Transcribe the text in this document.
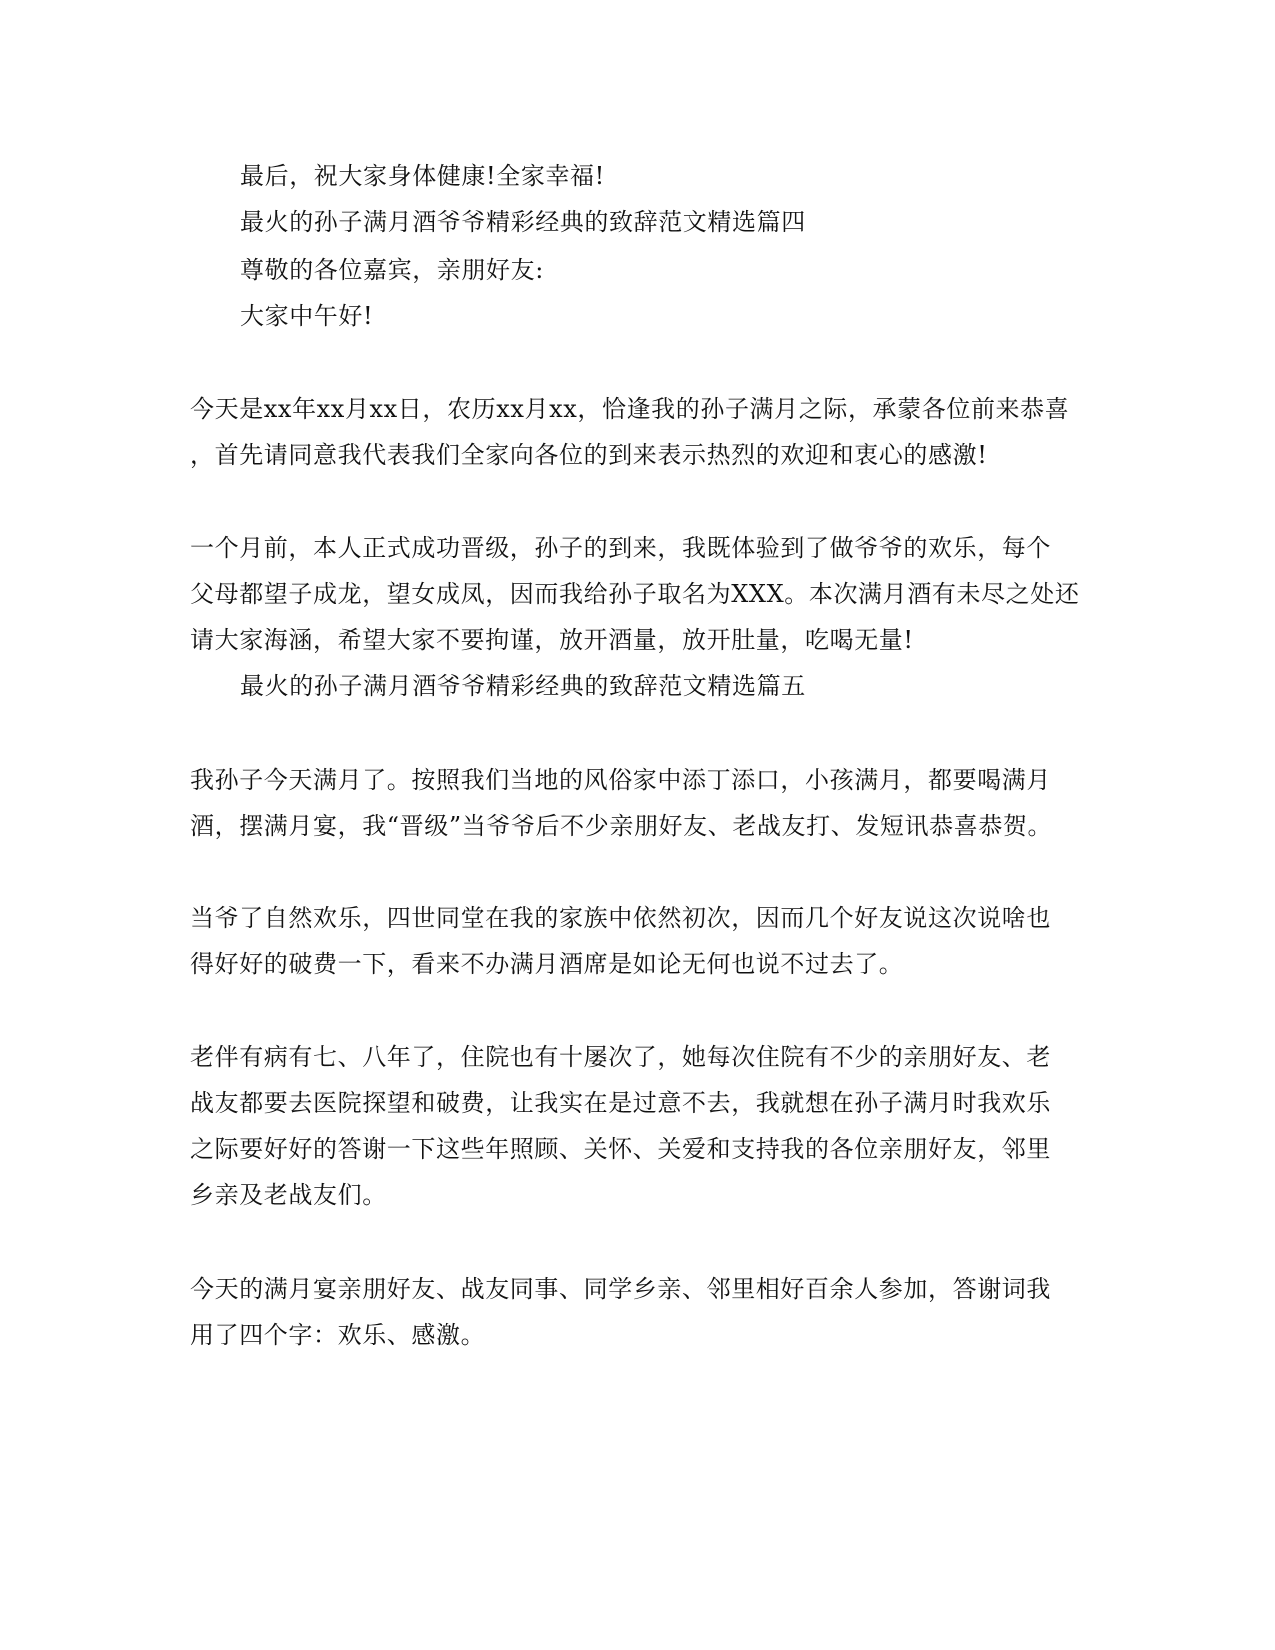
最后，祝大家身体健康!全家幸福!
最火的孙子满月酒爷爷精彩经典的致辞范文精选篇四
尊敬的各位嘉宾，亲朋好友:
大家中午好!
今天是xx年xx月xx日，农历xx月xx，恰逢我的孙子满月之际，承蒙各位前来恭喜
，首先请同意我代表我们全家向各位的到来表示热烈的欢迎和衷心的感激!
一个月前，本人正式成功晋级，孙子的到来，我既体验到了做爷爷的欢乐，每个
父母都望子成龙，望女成凤，因而我给孙子取名为XXX。本次满月酒有未尽之处还
请大家海涵，希望大家不要拘谨，放开酒量，放开肚量，吃喝无量!
最火的孙子满月酒爷爷精彩经典的致辞范文精选篇五
我孙子今天满月了。按照我们当地的风俗家中添丁添口，小孩满月，都要喝满月
酒，摆满月宴，我“晋级”当爷爷后不少亲朋好友、老战友打、发短讯恭喜恭贺。
当爷了自然欢乐，四世同堂在我的家族中依然初次，因而几个好友说这次说啥也
得好好的破费一下，看来不办满月酒席是如论无何也说不过去了。
老伴有病有七、八年了，住院也有十屡次了，她每次住院有不少的亲朋好友、老
战友都要去医院探望和破费，让我实在是过意不去，我就想在孙子满月时我欢乐
之际要好好的答谢一下这些年照顾、关怀、关爱和支持我的各位亲朋好友，邻里
乡亲及老战友们。
今天的满月宴亲朋好友、战友同事、同学乡亲、邻里相好百余人参加，答谢词我
用了四个字：欢乐、感激。
